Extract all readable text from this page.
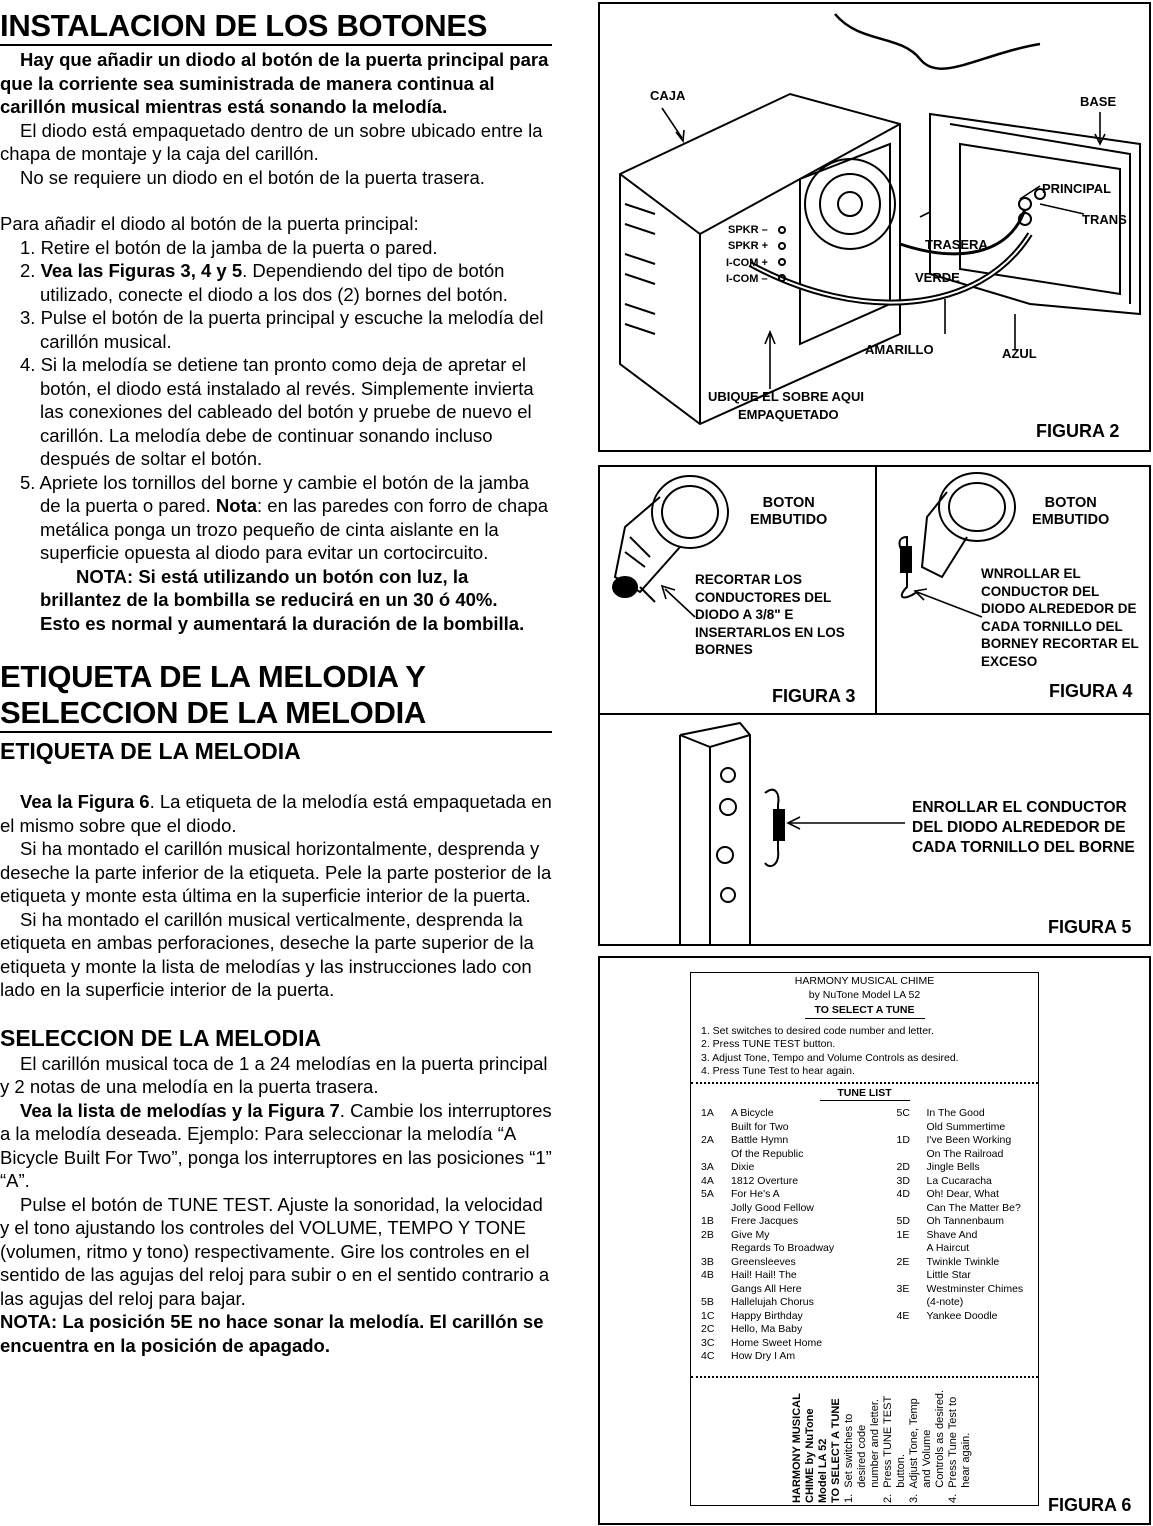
INSTALACION DE LOS BOTONES
Hay que añadir un diodo al botón de la puerta principal para que la corriente sea suministrada de manera continua al carillón musical mientras está sonando la melodía.
El diodo está empaquetado dentro de un sobre ubicado entre la chapa de montaje y la caja del carillón.
No se requiere un diodo en el botón de la puerta trasera.
Para añadir el diodo al botón de la puerta principal:
1. Retire el botón de la jamba de la puerta o pared.
2. Vea las Figuras 3, 4 y 5. Dependiendo del tipo de botón utilizado, conecte el diodo a los dos (2) bornes del botón.
3. Pulse el botón de la puerta principal y escuche la melodía del carillón musical.
4. Si la melodía se detiene tan pronto como deja de apretar el botón, el diodo está instalado al revés. Simplemente invierta las conexiones del cableado del botón y pruebe de nuevo el carillón. La melodía debe de continuar sonando incluso después de soltar el botón.
5. Apriete los tornillos del borne y cambie el botón de la jamba de la puerta o pared. Nota: en las paredes con forro de chapa metálica ponga un trozo pequeño de cinta aislante en la superficie opuesta al diodo para evitar un cortocircuito.
NOTA: Si está utilizando un botón con luz, la brillantez de la bombilla se reducirá en un 30 ó 40%. Esto es normal y aumentará la duración de la bombilla.
ETIQUETA DE LA MELODIA Y
SELECCION DE LA MELODIA
ETIQUETA DE LA MELODIA
Vea la Figura 6. La etiqueta de la melodía está empaquetada en el mismo sobre que el diodo.
Si ha montado el carillón musical horizontalmente, desprenda y deseche la parte inferior de la etiqueta. Pele la parte posterior de la etiqueta y monte esta última en la superficie interior de la puerta.
Si ha montado el carillón musical verticalmente, desprenda la etiqueta en ambas perforaciones, deseche la parte superior de la etiqueta y monte la lista de melodías y las instrucciones lado con lado en la superficie interior de la puerta.
SELECCION DE LA MELODIA
El carillón musical toca de 1 a 24 melodías en la puerta principal y 2 notas de una melodía en la puerta trasera.
Vea la lista de melodías y la Figura 7. Cambie los interruptores a la melodía deseada. Ejemplo: Para seleccionar la melodía “A Bicycle Built For Two”, ponga los interruptores en las posiciones “1” “A”.
Pulse el botón de TUNE TEST. Ajuste la sonoridad, la velocidad y el tono ajustando los controles del VOLUME, TEMPO Y TONE (volumen, ritmo y tono) respectivamente. Gire los controles en el sentido de las agujas del reloj para subir o en el sentido contrario a las agujas del reloj para bajar.
NOTA: La posición 5E no hace sonar la melodía. El carillón se encuentra en la posición de apagado.
CAJA	BASE
PRINCIPAL
TRANS
TRASERA
VERDE
AMARILLO	AZUL
SPKR –
SPKR +
I-COM +
I-COM –
UBIQUE EL SOBRE AQUI
EMPAQUETADO
FIGURA 2
BOTON
EMBUTIDO
RECORTAR LOS CONDUCTORES DEL DIODO A 3/8" E INSERTARLOS EN LOS BORNES
FIGURA 3
BOTON
EMBUTIDO
WNROLLAR EL CONDUCTOR DEL DIODO ALREDEDOR DE CADA TORNILLO DEL BORNEY RECORTAR EL EXCESO
FIGURA 4
ENROLLAR EL CONDUCTOR DEL DIODO ALREDEDOR DE CADA TORNILLO DEL BORNE
FIGURA 5
HARMONY MUSICAL CHIME
by NuTone Model LA 52
TO SELECT A TUNE
1. Set switches to desired code number and letter.
2. Press TUNE TEST button.
3. Adjust Tone, Tempo and Volume Controls as desired.
4. Press Tune Test to hear again.
TUNE LIST
1A	A Bicycle
Built for Two
2A	Battle Hymn
Of the Republic
3A	Dixie
4A	1812 Overture
5A	For He's A
Jolly Good Fellow
1B	Frere Jacques
2B	Give My
Regards To Broadway
3B	Greensleeves
4B	Hail! Hail! The
Gangs All Here
5B	Hallelujah Chorus
1C	Happy Birthday
2C	Hello, Ma Baby
3C	Home Sweet Home
4C	How Dry I Am
5C	In The Good
Old Summertime
1D	I've Been Working
On The Railroad
2D	Jingle Bells
3D	La Cucaracha
4D	Oh! Dear, What
Can The Matter Be?
5D	Oh Tannenbaum
1E	Shave And
A Haircut
2E	Twinkle Twinkle
Little Star
3E	Westminster Chimes
(4-note)
4E	Yankee Doodle
HARMONY MUSICAL CHIME by NuTone Model LA 52 TO SELECT A TUNE 1.  Set switches to desired code number and letter. 2.  Press TUNE TEST button. 3.  Adjust Tone, Temp and Volume Controls as desired. 4.  Press Tune Test to hear again.
FIGURA 6
